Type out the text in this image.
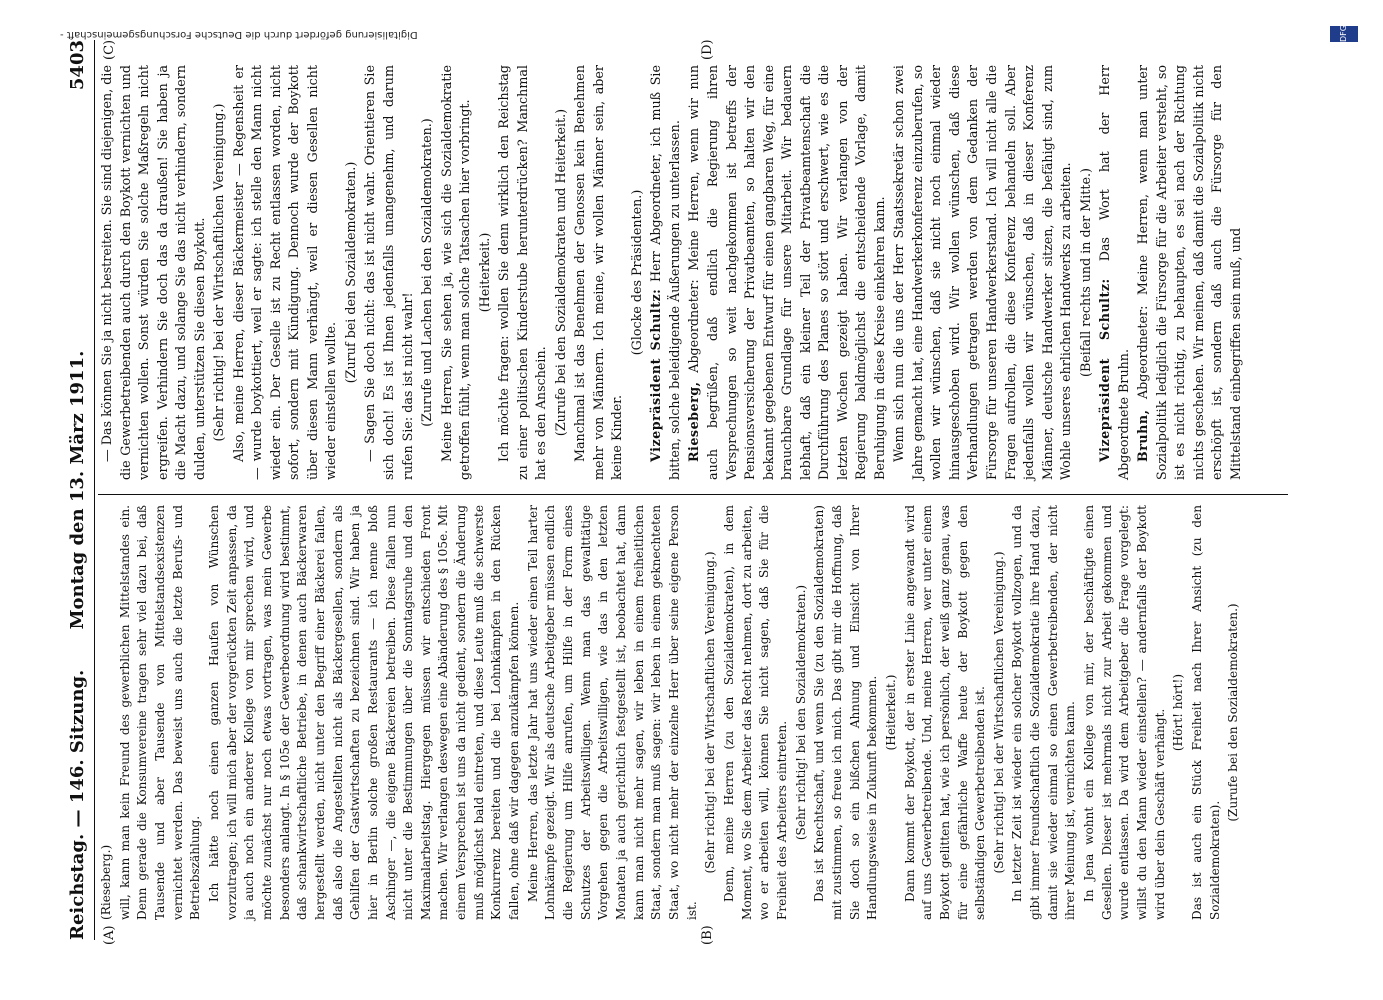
Reichstag. — 146. Sitzung.
Montag den 13. März 1911.
5403
(A)	(B)
(C)	(D)

(Rieseberg.) will, kann man kein Freund des gewerblichen Mittelstandes ein. Denn gerade die Konsumvereine tragen sehr viel dazu bei, daß Tausende und aber Tausende von Mittelstandsexistenzen vernichtet werden. Das beweist uns auch die letzte Berufs- und Betriebszählung. Ich hätte noch einen ganzen Haufen von Wünschen vorzutragen; ich will mich aber der vorgerückten Zeit anpassen, da ja auch noch ein anderer Kollege von mir sprechen wird, und möchte zunächst nur noch etwas vortragen, was mein Gewerbe besonders anlangt. In § 105e der Gewerbeordnung wird bestimmt, daß schankwirtschaftliche Betriebe, in denen auch Bäckerwaren hergestellt werden, nicht unter den Begriff einer Bäckerei fallen, daß also die Angestellten nicht als Bäckergesellen, sondern als Gehilfen der Gastwirtschaften zu bezeichnen sind. Wir haben ja hier in Berlin solche großen Restaurants — ich nenne bloß Aschinger —, die eigene Bäckereien betreiben. Diese fallen nun nicht unter die Bestimmungen über die Sonntagsruhe und den Maximalarbeitstag. Hiergegen müssen wir entschieden Front machen. Wir verlangen deswegen eine Abänderung des § 105e. Mit einem Versprechen ist uns da nicht gedient, sondern die Änderung muß möglichst bald eintreten, und diese Leute muß die schwerste Konkurrenz bereiten und die bei Lohnkämpfen in den Rücken fallen, ohne daß wir dagegen anzukämpfen können. Meine Herren, das letzte Jahr hat uns wieder einen Teil harter Lohnkämpfe gezeigt. Wir als deutsche Arbeitgeber müssen endlich die Regierung um Hilfe anrufen, um Hilfe in der Form eines Schutzes der Arbeitswilligen. Wenn man das gewalttätige Vorgehen gegen die Arbeitswilligen, wie das in den letzten Monaten ja auch gerichtlich festgestellt ist, beobachtet hat, dann kann man nicht mehr sagen, wir leben in einem freiheitlichen Staat, sondern man muß sagen: wir leben in einem geknechteten Staat, wo nicht mehr der einzelne Herr über seine eigene Person ist.

(Sehr richtig! bei der Wirtschaftlichen Vereinigung.) Denn, meine Herren (zu den Sozialdemokraten), in dem Moment, wo Sie dem Arbeiter das Recht nehmen, dort zu arbeiten, wo er arbeiten will, können Sie nicht sagen, daß Sie für die Freiheit des Arbeiters eintreten. (Sehr richtig! bei den Sozialdemokraten.) Das ist Knechtschaft, und wenn Sie (zu den Sozialdemokraten) mit zustimmen, so freue ich mich. Das gibt mir die Hoffnung, daß Sie doch so ein bißchen Ahnung und Einsicht von Ihrer Handlungsweise in Zukunft bekommen. (Heiterkeit.) Dann kommt der Boykott, der in erster Linie angewandt wird auf uns Gewerbetreibende. Und, meine Herren, wer unter einem Boykott gelitten hat, wie ich persönlich, der weiß ganz genau, was für eine gefährliche Waffe heute der Boykott gegen den selbständigen Gewerbetreibenden ist. (Sehr richtig! bei der Wirtschaftlichen Vereinigung.) In letzter Zeit ist wieder ein solcher Boykott vollzogen, und da gibt immer freundschaftlich die Sozialdemokratie ihre Hand dazu, damit sie wieder einmal so einen Gewerbetreibenden, der nicht ihrer Meinung ist, vernichten kann. In Jena wohnt ein Kollege von mir, der beschäftigte einen Gesellen. Dieser ist mehrmals nicht zur Arbeit gekommen und wurde entlassen. Da wird dem Arbeitgeber die Frage vorgelegt: willst du den Mann wieder einstellen? — andernfalls der Boykott wird über dein Geschäft verhängt. (Hört! hört!) Das ist auch ein Stück Freiheit nach Ihrer Ansicht (zu den Sozialdemokraten).

(Zurufe bei den Sozialdemokraten.)

— Das können Sie ja nicht bestreiten. Sie sind diejenigen, die die Gewerbetreibenden auch durch den Boykott vernichten und vernichten wollen. Sonst würden Sie solche Maßregeln nicht ergreifen. Verhindern Sie doch das da draußen! Sie haben ja die Macht dazu, und solange Sie das nicht verhindern, sondern dulden, unterstützen Sie diesen Boykott. (Sehr richtig! bei der Wirtschaftlichen Vereinigung.) Also, meine Herren, dieser Bäckermeister — Regensheit er — wurde boykottiert, weil er sagte: ich stelle den Mann nicht wieder ein. Der Geselle ist zu Recht entlassen worden, nicht sofort, sondern mit Kündigung. Dennoch wurde der Boykott über diesen Mann verhängt, weil er diesen Gesellen nicht wieder einstellen wollte.

(Zuruf bei den Sozialdemokraten.) — Sagen Sie doch nicht: das ist nicht wahr. Orientieren Sie sich doch! Es ist Ihnen jedenfalls unangenehm, und darum rufen Sie: das ist nicht wahr! (Zurufe und Lachen bei den Sozialdemokraten.) Meine Herren, Sie sehen ja, wie sich die Sozialdemokratie getroffen fühlt, wenn man solche Tatsachen hier vorbringt. (Heiterkeit.) Ich möchte fragen: wollen Sie denn wirklich den Reichstag zu einer politischen Kinderstube herunterdrücken? Manchmal hat es den Anschein. (Zurufe bei den Sozialdemokraten und Heiterkeit.) Manchmal ist das Benehmen der Genossen kein Benehmen mehr von Männern. Ich meine, wir wollen Männer sein, aber keine Kinder.

(Glocke des Präsidenten.)

Vizepräsident Schultz: Herr Abgeordneter, ich muß Sie bitten, solche beleidigende Äußerungen zu unterlassen. Rieseberg, Abgeordneter: Meine Herren, wenn wir nun auch begrüßen, daß endlich die Regierung ihren Versprechungen so weit nachgekommen ist betreffs der Pensionsversicherung der Privatbeamten, so halten wir den bekannt gegebenen Entwurf für einen gangbaren Weg, für eine brauchbare Grundlage für unsere Mitarbeit. Wir bedauern lebhaft, daß ein kleiner Teil der Privatbeamtenschaft die Durchführung des Planes so stört und erschwert, wie es die letzten Wochen gezeigt haben. Wir verlangen von der Regierung baldmöglichst die entscheidende Vorlage, damit Beruhigung in diese Kreise einkehren kann. Wenn sich nun die uns der Herr Staatssekretär schon zwei Jahre gemacht hat, eine Handwerkerkonferenz einzuberufen, so wollen wir wünschen, daß sie nicht noch einmal wieder hinausgeschoben wird. Wir wollen wünschen, daß diese Verhandlungen getragen werden von dem Gedanken der Fürsorge für unseren Handwerkerstand. Ich will nicht alle die Fragen aufrollen, die diese Konferenz behandeln soll. Aber jedenfalls wollen wir wünschen, daß in dieser Konferenz Männer, deutsche Handwerker sitzen, die befähigt sind, zum Wohle unseres ehrlichen Handwerks zu arbeiten. (Beifall rechts und in der Mitte.) Vizepräsident Schultz: Das Wort hat der Herr Abgeordnete Bruhn. Bruhn, Abgeordneter: Meine Herren, wenn man unter Sozialpolitik lediglich die Fürsorge für die Arbeiter versteht, so ist es nicht richtig, zu behaupten, es sei nach der Richtung nichts geschehen. Wir meinen, daß damit die Sozialpolitik nicht erschöpft ist, sondern daß auch die Fürsorge für den Mittelstand einbegriffen sein muß, und

Digitalisierung gefördert durch die Deutsche Forschungsgemeinschaft -	DFG
